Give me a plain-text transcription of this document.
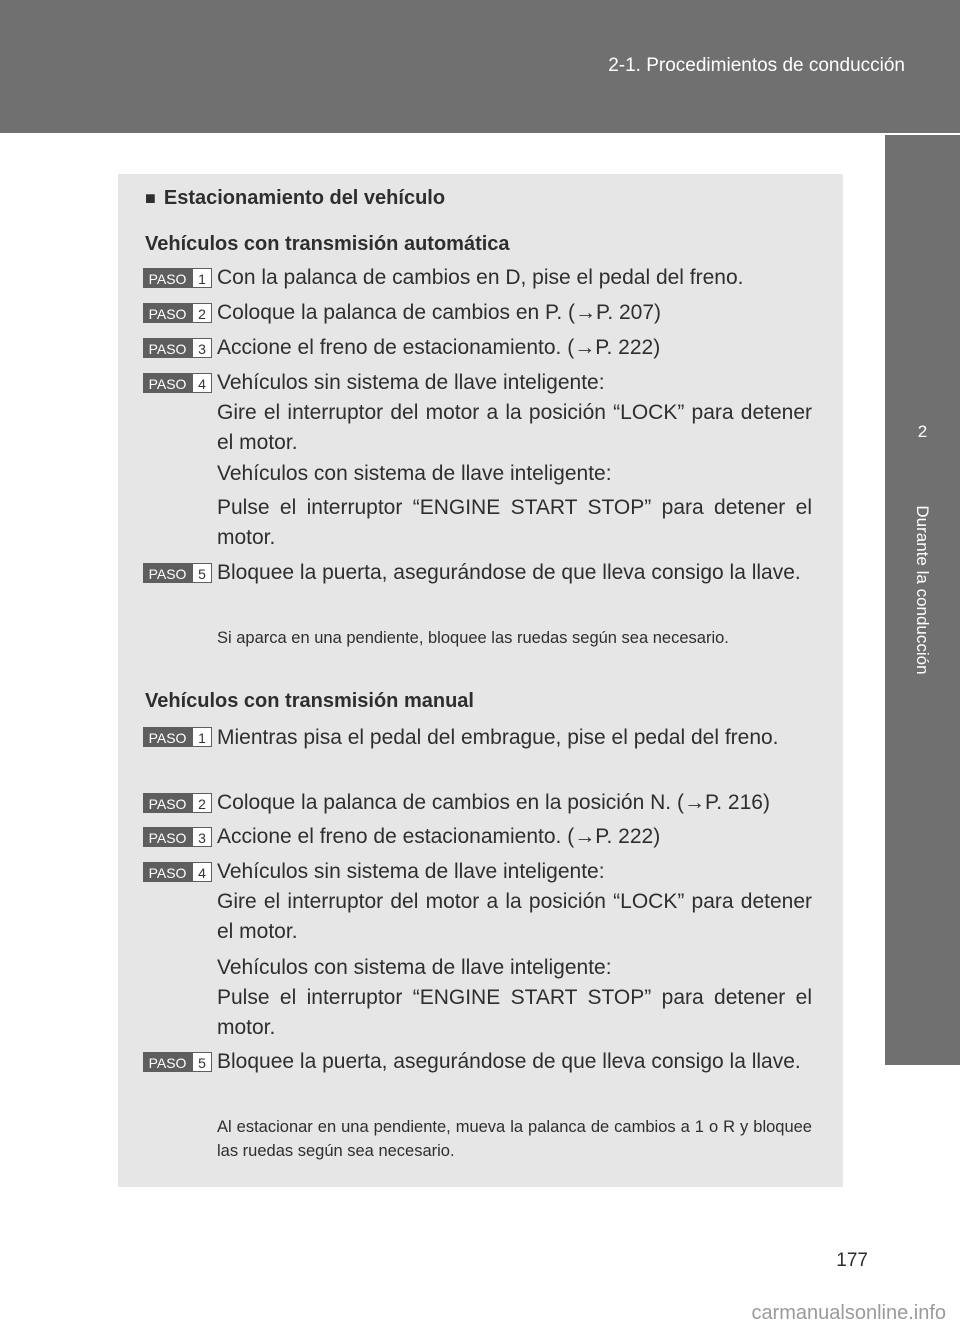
2-1. Procedimientos de conducción
2
Durante la conducción
■ Estacionamiento del vehículo
Vehículos con transmisión automática
PASO 1 Con la palanca de cambios en D, pise el pedal del freno.
PASO 2 Coloque la palanca de cambios en P. (→P. 207)
PASO 3 Accione el freno de estacionamiento. (→P. 222)
PASO 4 Vehículos sin sistema de llave inteligente:
Gire el interruptor del motor a la posición “LOCK” para detener el motor.
Vehículos con sistema de llave inteligente:
Pulse el interruptor “ENGINE START STOP” para detener el motor.
PASO 5 Bloquee la puerta, asegurándose de que lleva consigo la llave.
Si aparca en una pendiente, bloquee las ruedas según sea necesario.
Vehículos con transmisión manual
PASO 1 Mientras pisa el pedal del embrague, pise el pedal del freno.
PASO 2 Coloque la palanca de cambios en la posición N. (→P. 216)
PASO 3 Accione el freno de estacionamiento. (→P. 222)
PASO 4 Vehículos sin sistema de llave inteligente:
Gire el interruptor del motor a la posición “LOCK” para detener el motor.
Vehículos con sistema de llave inteligente:
Pulse el interruptor “ENGINE START STOP” para detener el motor.
PASO 5 Bloquee la puerta, asegurándose de que lleva consigo la llave.
Al estacionar en una pendiente, mueva la palanca de cambios a 1 o R y bloquee las ruedas según sea necesario.
177
carmanualsonline.info
